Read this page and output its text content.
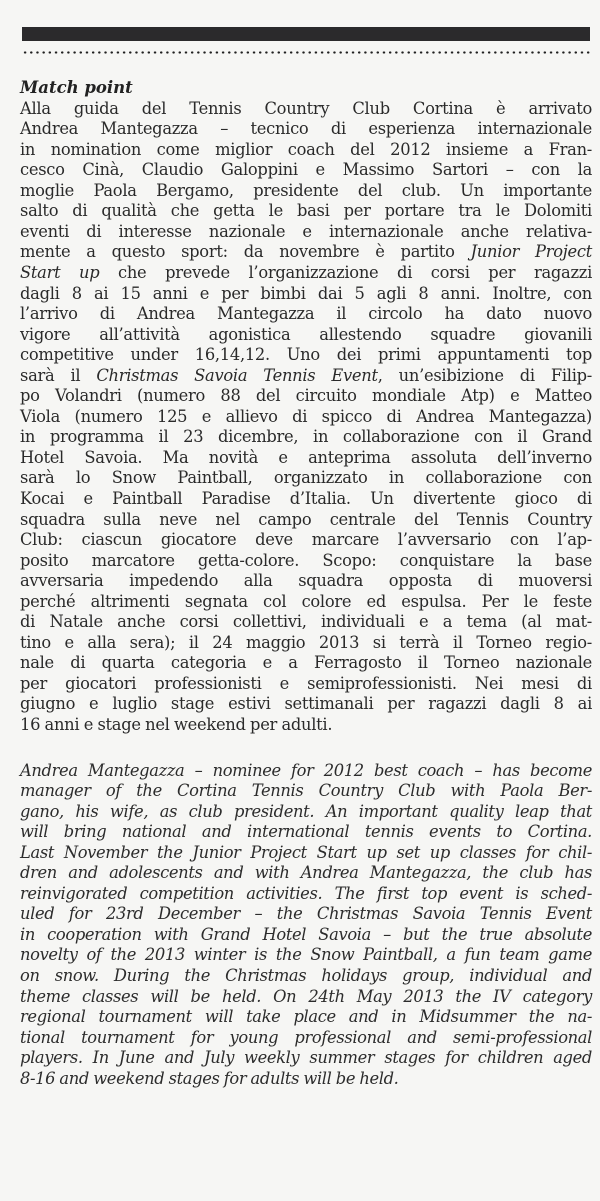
Match point

Alla guida del Tennis Country Club Cortina è arrivato
Andrea Mantegazza – tecnico di esperienza internazionale
in nomination come miglior coach del 2012 insieme a Fran-
cesco Cinà, Claudio Galoppini e Massimo Sartori – con la
moglie Paola Bergamo, presidente del club. Un importante
salto di qualità che getta le basi per portare tra le Dolomiti
eventi di interesse nazionale e internazionale anche relativa-
mente a questo sport: da novembre è partito Junior Project
Start up che prevede l’organizzazione di corsi per ragazzi
dagli 8 ai 15 anni e per bimbi dai 5 agli 8 anni. Inoltre, con
l’arrivo di Andrea Mantegazza il circolo ha dato nuovo
vigore all’attività agonistica allestendo squadre giovanili
competitive under 16,14,12. Uno dei primi appuntamenti top
sarà il Christmas Savoia Tennis Event, un’esibizione di Filip-
po Volandri (numero 88 del circuito mondiale Atp) e Matteo
Viola (numero 125 e allievo di spicco di Andrea Mantegazza)
in programma il 23 dicembre, in collaborazione con il Grand
Hotel Savoia. Ma novità e anteprima assoluta dell’inverno
sarà lo Snow Paintball, organizzato in collaborazione con
Kocai e Paintball Paradise d’Italia. Un divertente gioco di
squadra sulla neve nel campo centrale del Tennis Country
Club: ciascun giocatore deve marcare l’avversario con l’ap-
posito marcatore getta-colore. Scopo: conquistare la base
avversaria impedendo alla squadra opposta di muoversi
perché altrimenti segnata col colore ed espulsa. Per le feste
di Natale anche corsi collettivi, individuali e a tema (al mat-
tino e alla sera); il 24 maggio 2013 si terrà il Torneo regio-
nale di quarta categoria e a Ferragosto il Torneo nazionale
per giocatori professionisti e semiprofessionisti. Nei mesi di
giugno e luglio stage estivi settimanali per ragazzi dagli 8 ai
16 anni e stage nel weekend per adulti.

Andrea Mantegazza – nominee for 2012 best coach – has become
manager of the Cortina Tennis Country Club with Paola Ber-
gano, his wife, as club president. An important quality leap that
will bring national and international tennis events to Cortina.
Last November the Junior Project Start up set up classes for chil-
dren and adolescents and with Andrea Mantegazza, the club has
reinvigorated competition activities. The first top event is sched-
uled for 23rd December – the Christmas Savoia Tennis Event
in cooperation with Grand Hotel Savoia – but the true absolute
novelty of the 2013 winter is the Snow Paintball, a fun team game
on snow. During the Christmas holidays group, individual and
theme classes will be held. On 24th May 2013 the IV category
regional tournament will take place and in Midsummer the na-
tional tournament for young professional and semi-professional
players. In June and July weekly summer stages for children aged
8-16 and weekend stages for adults will be held.
